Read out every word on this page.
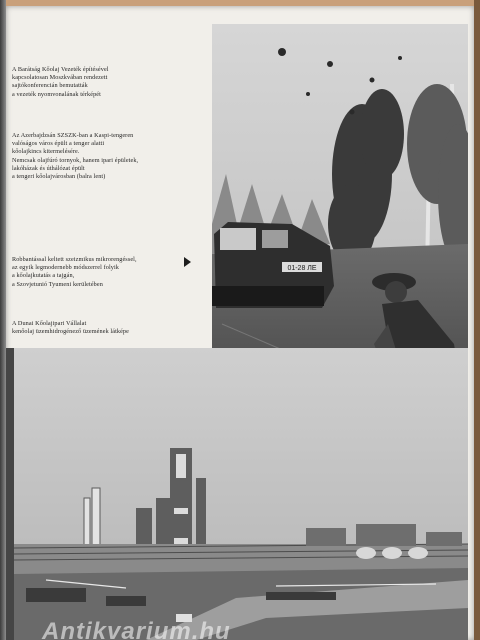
01-28 ЛЕ
Antikvarium.hu
A Barátság Kőolaj Vezeték építésével
kapcsolatosan Moszkvában rendezett
sajtókonferencián bemutatták
a vezeték nyomvonalának térképét
Az Azerbajdzsán SZSZK-ban a Kaspi-tengeren
valóságos város épült a tenger alatti
kőolajkincs kitermelésére.
Nemcsak olajfúró tornyok, hanem ipari épületek,
lakóházak és úthálózat épült
a tengeri kőolajvárosban (balra lent)
Robbantással keltett szeizmikus mikrorengéssel,
az egyik legmodernebb módszerrel folyik
a kőolajkutatás a tajgán,
a Szovjetunió Tyumeni kerületében
A Dunai Kőolajipari Vállalat
kenőolaj üzemhidrogénező üzemének látképe
